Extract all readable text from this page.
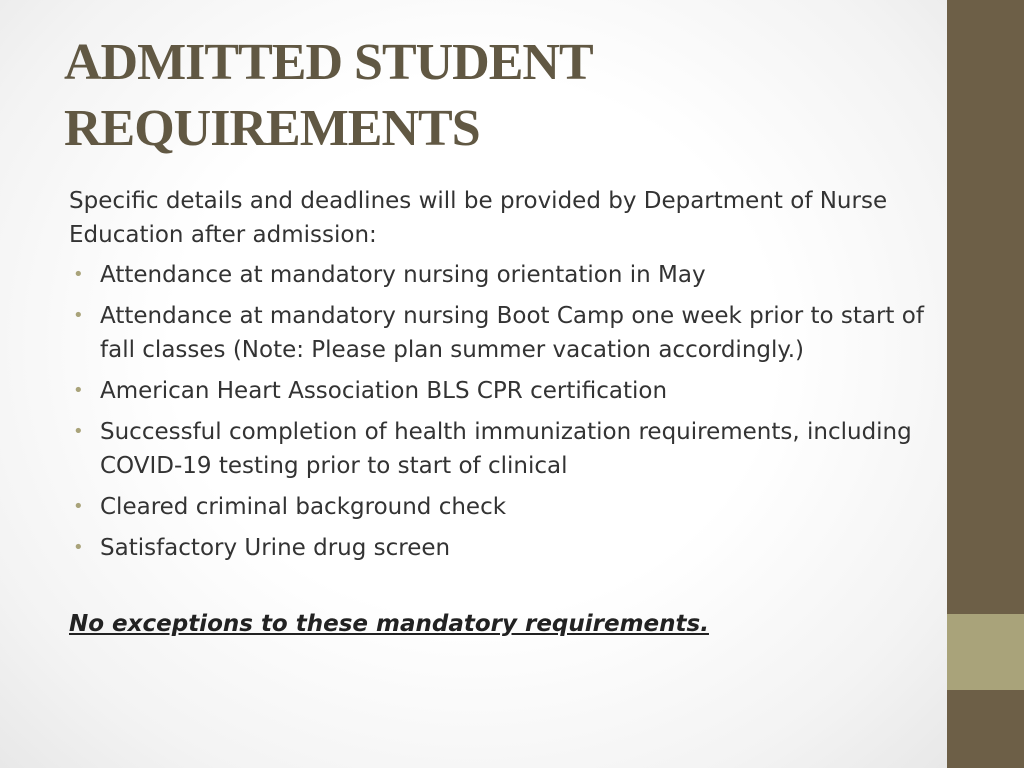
ADMITTED STUDENT
REQUIREMENTS

Specific details and deadlines will be provided by Department of Nurse Education after admission:

• Attendance at mandatory nursing orientation in May
• Attendance at mandatory nursing Boot Camp one week prior to start of fall classes (Note: Please plan summer vacation accordingly.)
• American Heart Association BLS CPR certification
• Successful completion of health immunization requirements, including COVID-19 testing prior to start of clinical
• Cleared criminal background check
• Satisfactory Urine drug screen

No exceptions to these mandatory requirements.
